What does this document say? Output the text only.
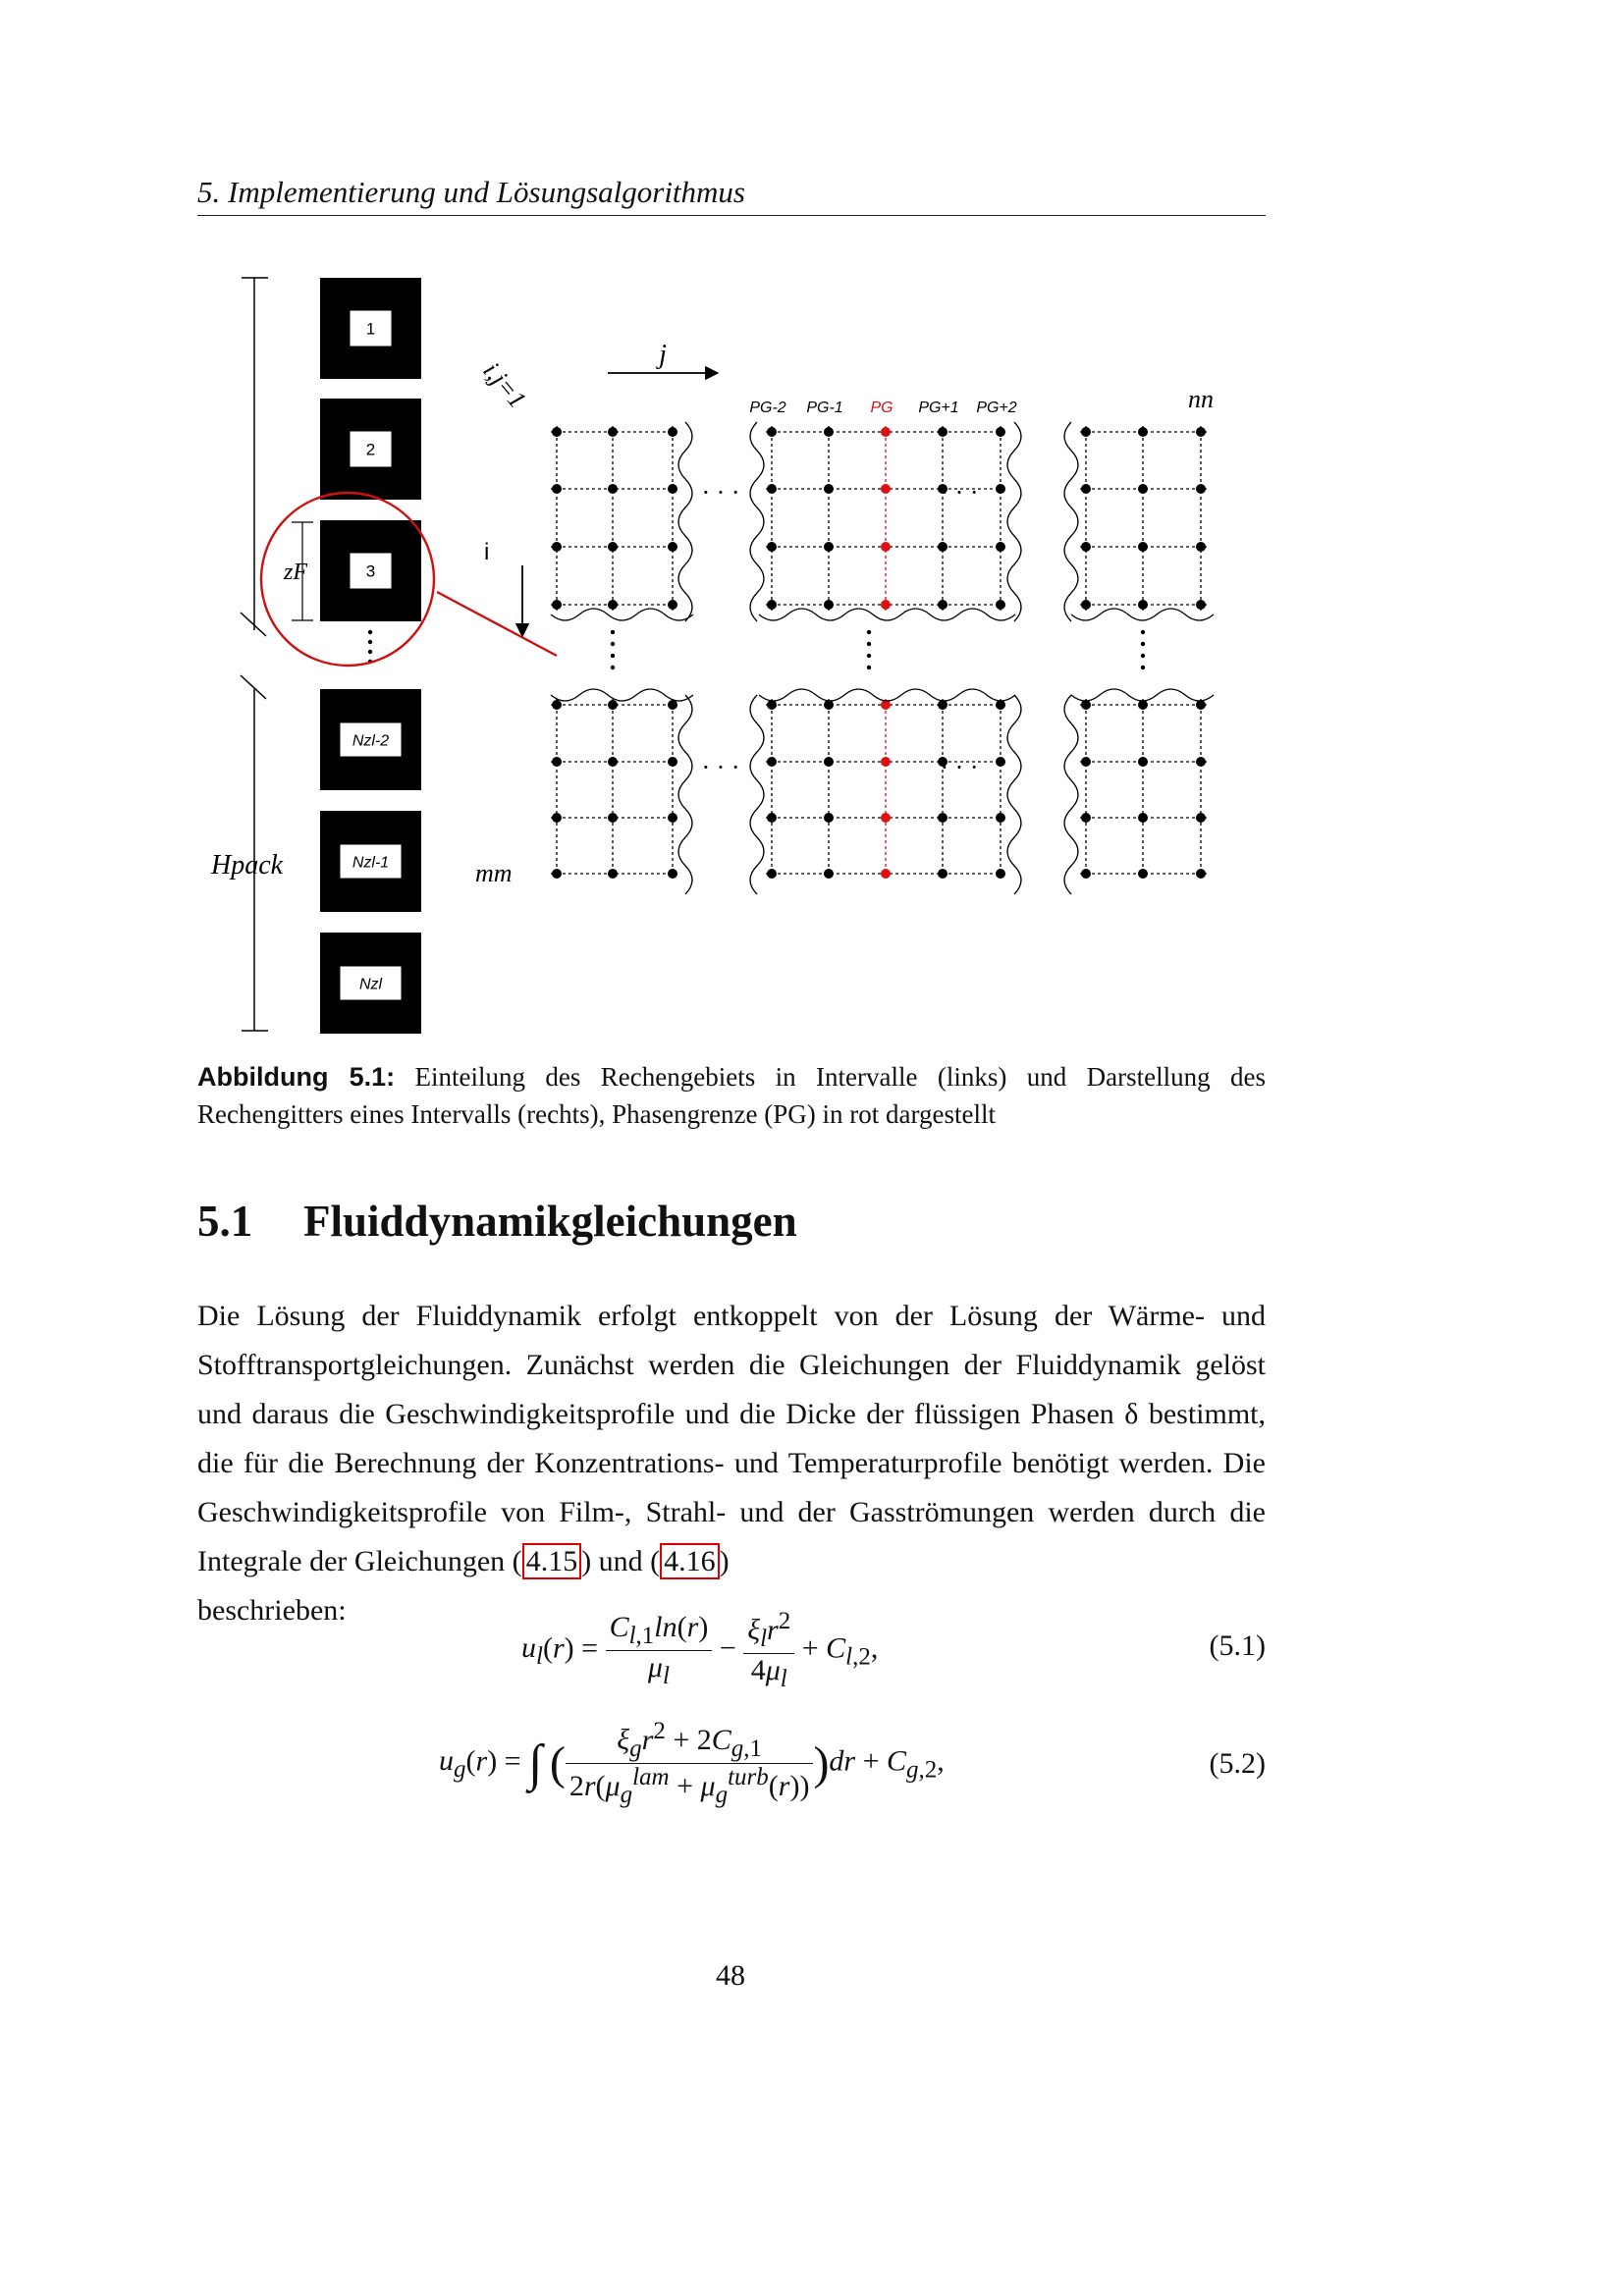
5. Implementierung und Lösungsalgorithmus
1
2
3
Nzl-2
Nzl-1
Nzl
Hpack
zF
· · ·	· · ·
· · ·	· · ·
i,j=1
j
i
nn
mm
PG-2 PG-1 PG PG+1 PG+2
Abbildung 5.1: Einteilung des Rechengebiets in Intervalle (links) und Darstellung des Rechengitters eines Intervalls (rechts), Phasengrenze (PG) in rot dargestellt
5.1 Fluiddynamikgleichungen

Die Lösung der Fluiddynamik erfolgt entkoppelt von der Lösung der Wärme- und Stofftransportgleichungen. Zunächst werden die Gleichungen der Fluiddynamik gelöst und daraus die Geschwindigkeitsprofile und die Dicke der flüssigen Phasen δ bestimmt, die für die Berechnung der Konzentrations- und Temperaturprofile benötigt werden. Die Geschwindigkeitsprofile von Film-, Strahl- und der Gasströmungen werden durch die Integrale der Gleichungen ( 4.15 ) und ( 4.16 )

beschrieben:

$u_l(r) = \frac{C_{l,1}\ln(r)}{\mu_l} - \frac{\xi_lr^2}{4\mu_l} + C_{l,2}$,	(5.1)
$u_g(r)$ = ∫ ( $\frac{\xi_gr^2 + 2C_{g,1}}{2r(\mu_g^{lam} + \mu_g^{turb}(r))} )dr + C_{g,2}$,	(5.2)
48
